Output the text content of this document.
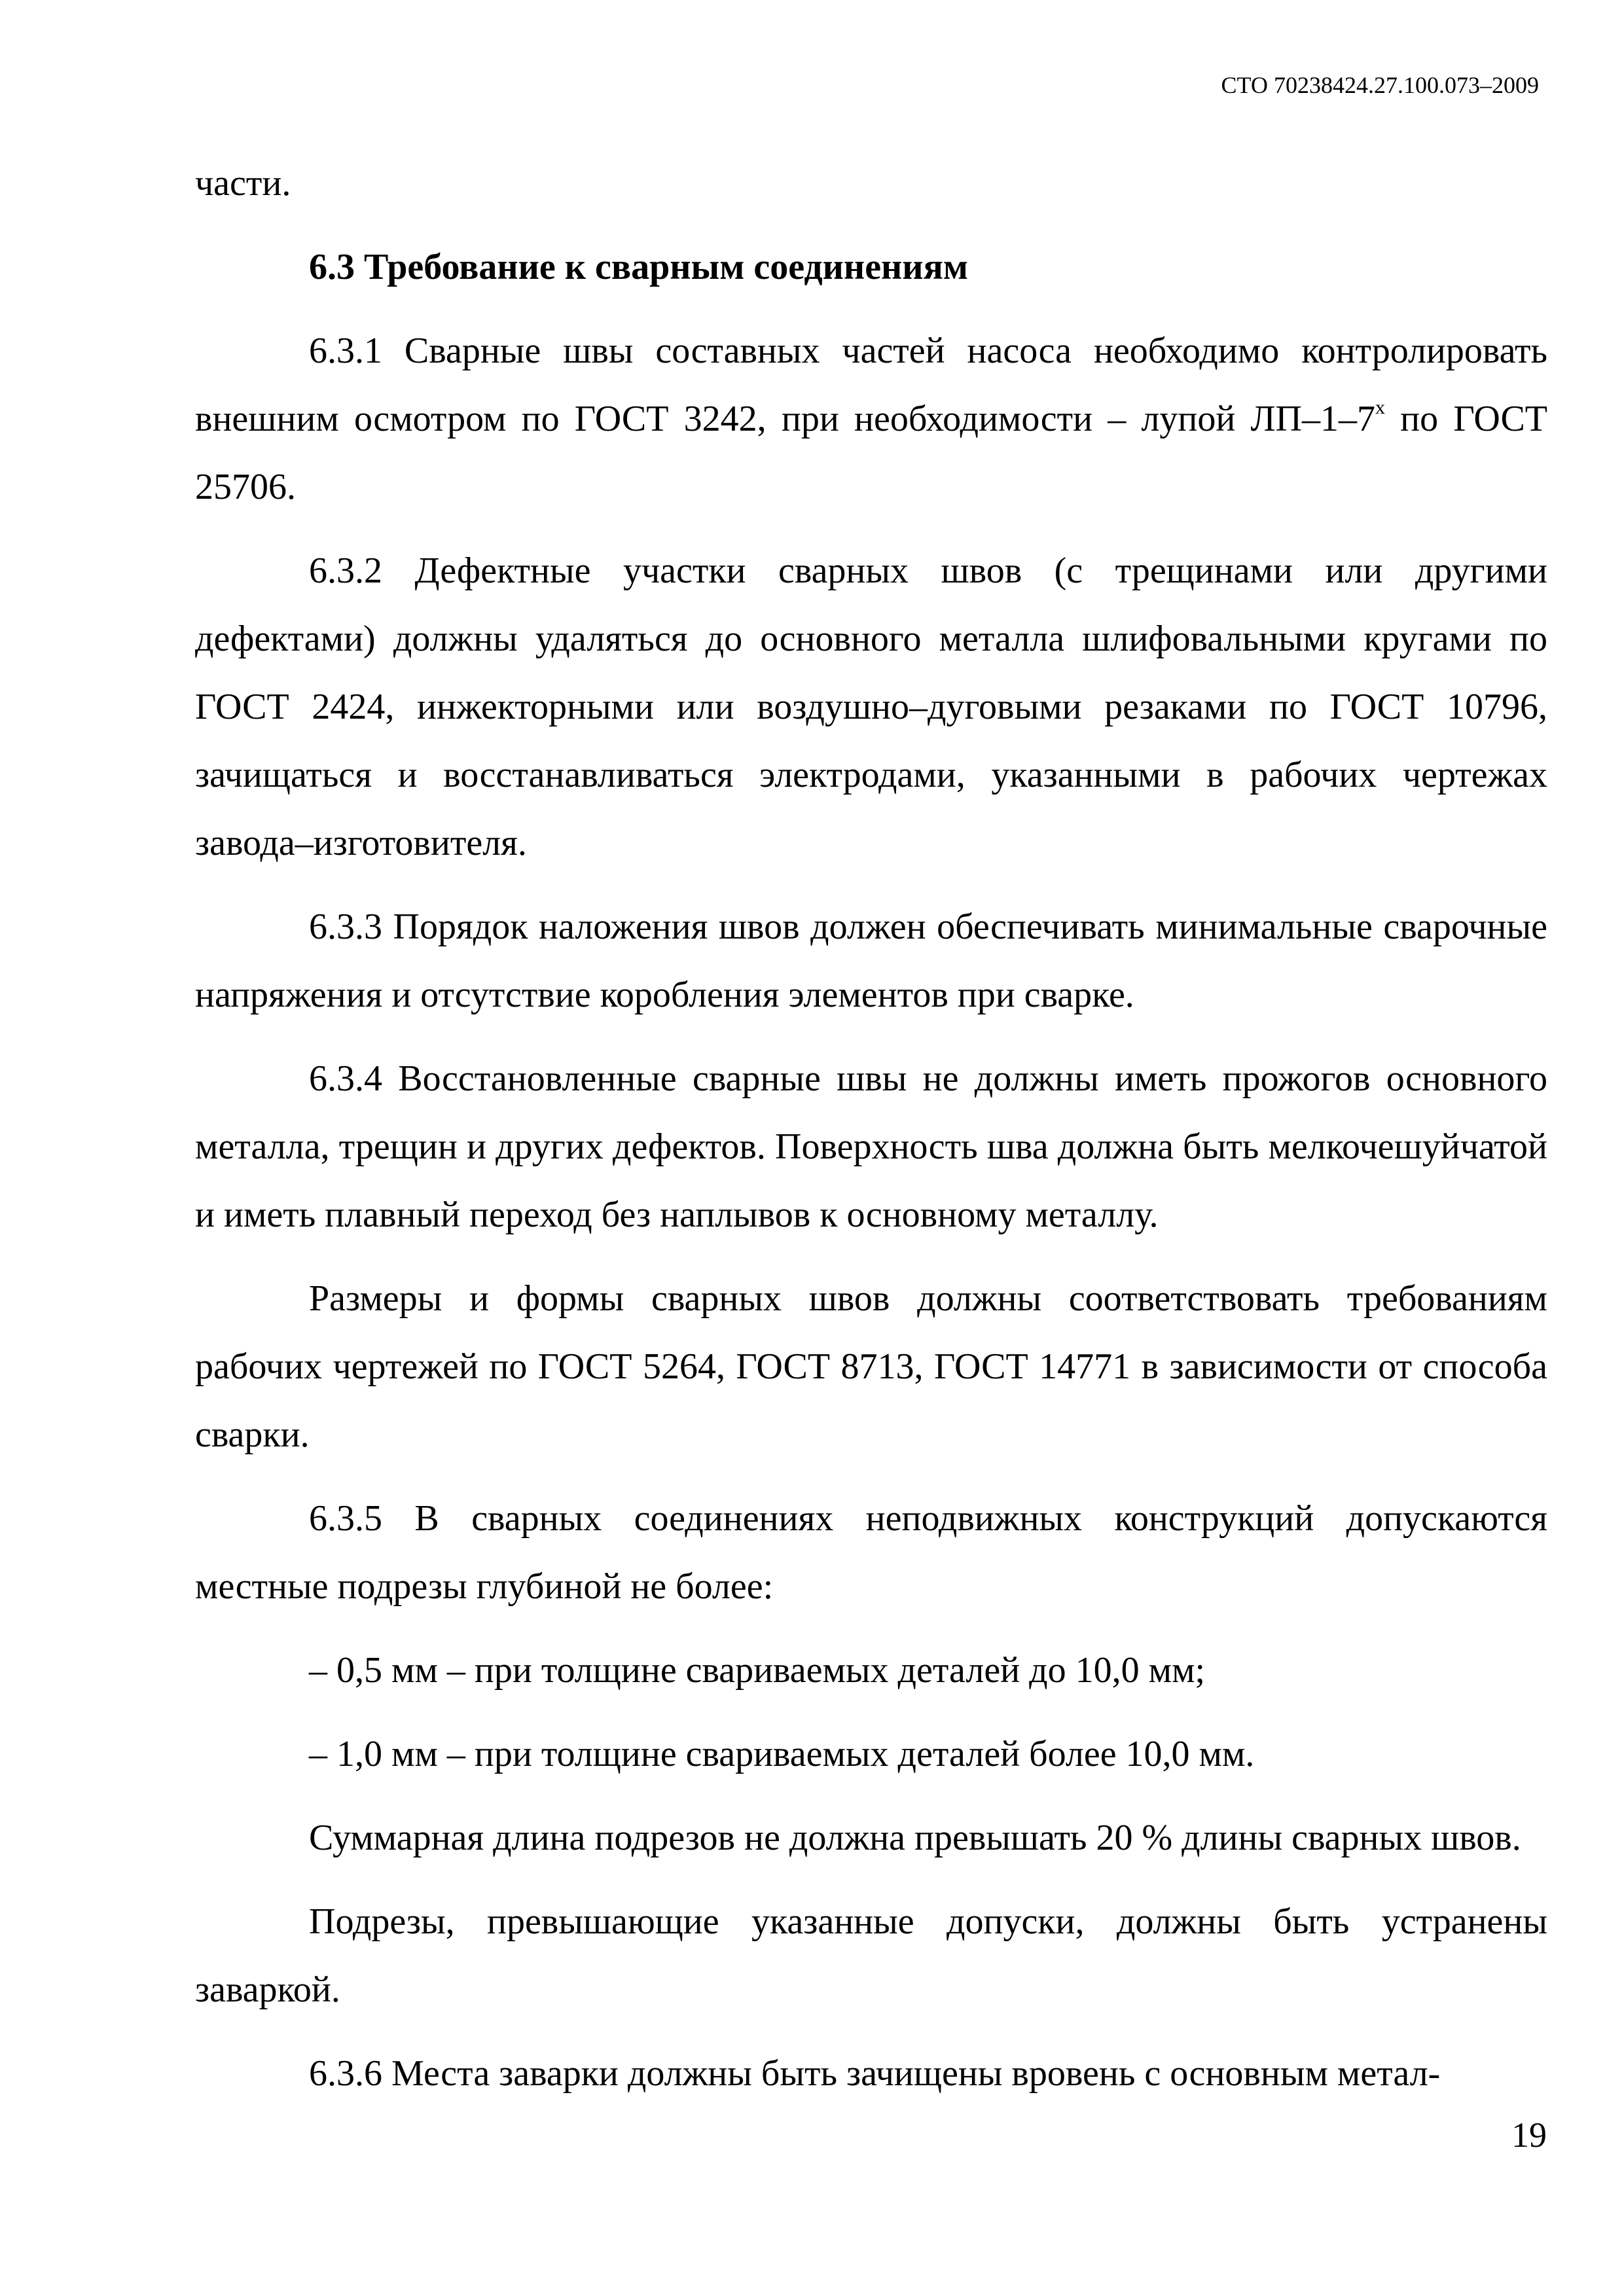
СТО 70238424.27.100.073–2009

части.

6.3 Требование к сварным соединениям

6.3.1 Сварные швы составных частей насоса необходимо контролировать внешним осмотром по ГОСТ 3242, при необходимости – лупой $ЛП-1-7^х$ по ГОСТ 25706.

6.3.2 Дефектные участки сварных швов (с трещинами или другими дефектами) должны удаляться до основного металла шлифовальными кругами по ГОСТ 2424, инжекторными или воздушно–дуговыми резаками по ГОСТ 10796, зачищаться и восстанавливаться электродами, указанными в рабочих чертежах завода–изготовителя.

6.3.3 Порядок наложения швов должен обеспечивать минимальные сварочные напряжения и отсутствие коробления элементов при сварке.

6.3.4 Восстановленные сварные швы не должны иметь прожогов основного металла, трещин и других дефектов. Поверхность шва должна быть мелкочешуйчатой и иметь плавный переход без наплывов к основному металлу.

Размеры и формы сварных швов должны соответствовать требованиям рабочих чертежей по ГОСТ 5264, ГОСТ 8713, ГОСТ 14771 в зависимости от способа сварки.

6.3.5 В сварных соединениях неподвижных конструкций допускаются местные подрезы глубиной не более:

– 0,5 мм – при толщине свариваемых деталей до 10,0 мм;

– 1,0 мм – при толщине свариваемых деталей более 10,0 мм.

Суммарная длина подрезов не должна превышать 20 % длины сварных швов.

Подрезы, превышающие указанные допуски, должны быть устранены заваркой.

6.3.6 Места заварки должны быть зачищены вровень с основным метал-

19
